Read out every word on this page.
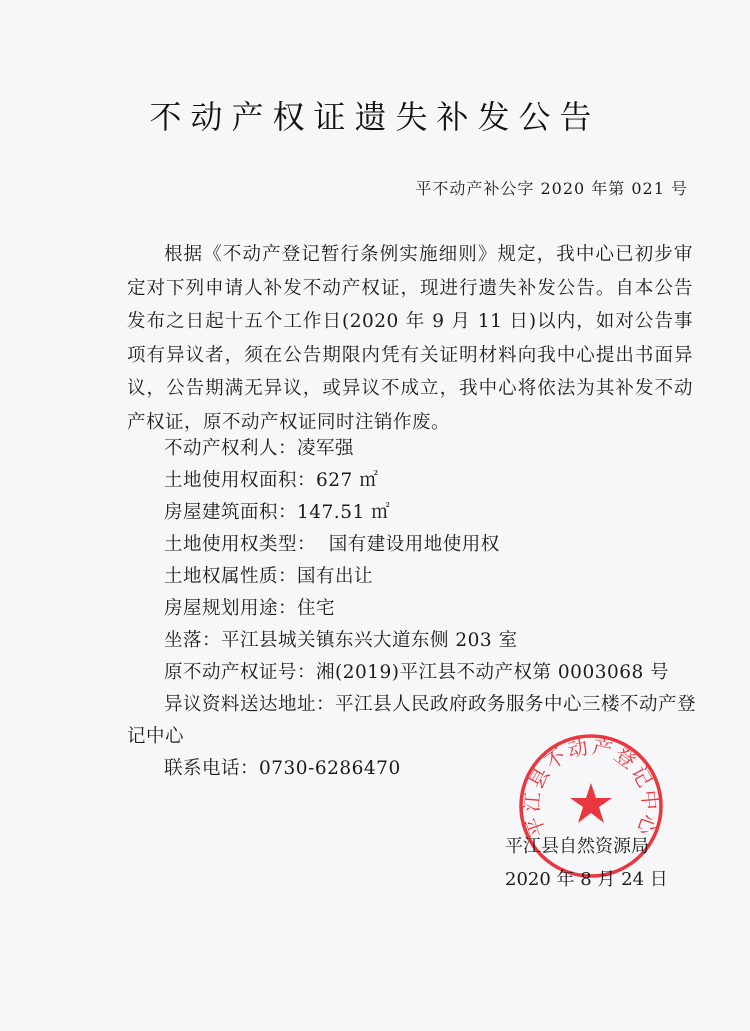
不动产权证遗失补发公告
平不动产补公字 2020 年第 021 号
根据《不动产登记暂行条例实施细则》规定，我中心已初步审定对下列申请人补发不动产权证，现进行遗失补发公告。自本公告发布之日起十五个工作日(2020 年 9 月 11 日)以内，如对公告事项有异议者，须在公告期限内凭有关证明材料向我中心提出书面异议，公告期满无异议，或异议不成立，我中心将依法为其补发不动产权证，原不动产权证同时注销作废。
不动产权利人：凌军强
土地使用权面积：627 ㎡
房屋建筑面积：147.51 ㎡
土地使用权类型：  国有建设用地使用权
土地权属性质：国有出让
房屋规划用途：住宅
坐落：平江县城关镇东兴大道东侧 203 室
原不动产权证号：湘(2019)平江县不动产权第 0003068 号
异议资料送达地址：平江县人民政府政务服务中心三楼不动产登记中心
联系电话：0730-6286470
平江县不动产登记中心
平江县自然资源局
2020 年 8 月 24 日
